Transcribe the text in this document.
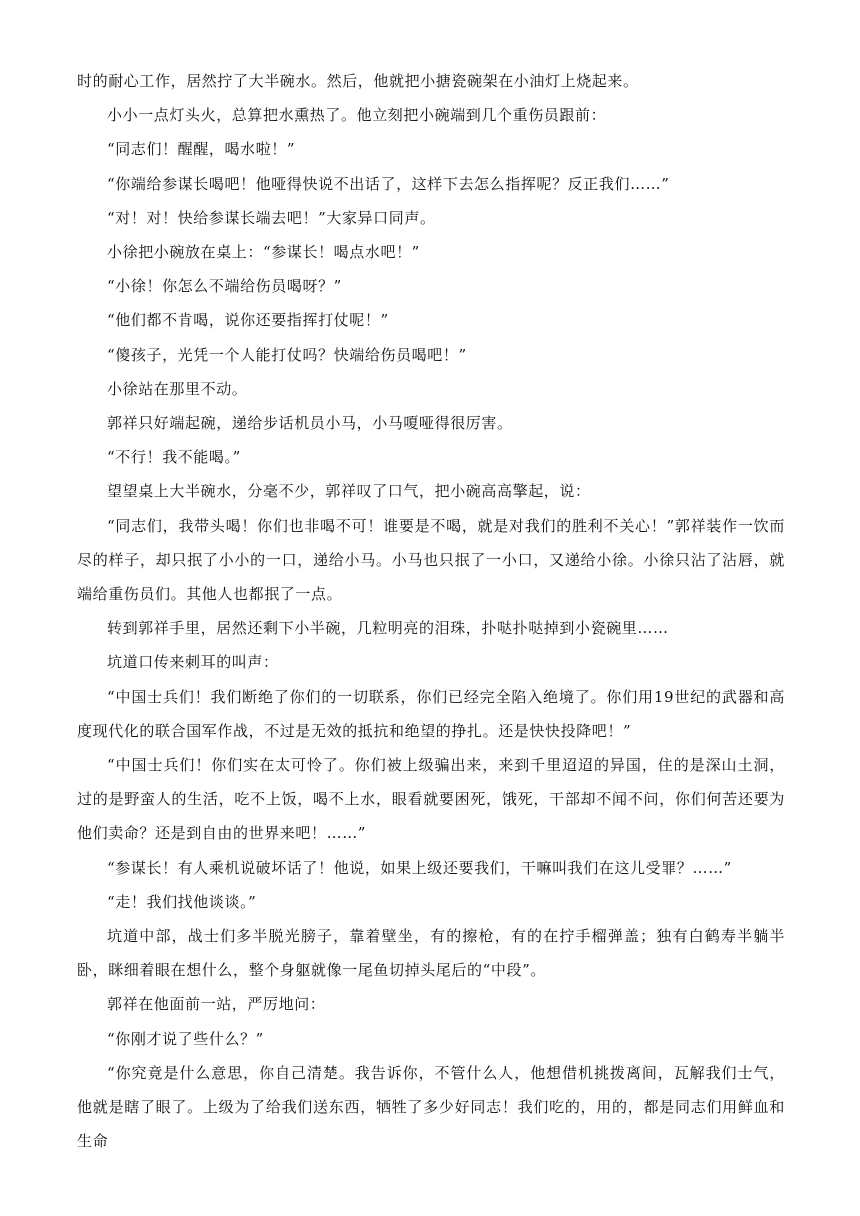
时的耐心工作，居然拧了大半碗水。然后，他就把小搪瓷碗架在小油灯上烧起来。

小小一点灯头火，总算把水熏热了。他立刻把小碗端到几个重伤员跟前：

“同志们！醒醒，喝水啦！”

“你端给参谋长喝吧！他哑得快说不出话了，这样下去怎么指挥呢？反正我们……”

“对！对！快给参谋长端去吧！”大家异口同声。

小徐把小碗放在桌上：“参谋长！喝点水吧！”

“小徐！你怎么不端给伤员喝呀？”

“他们都不肯喝，说你还要指挥打仗呢！”

“傻孩子，光凭一个人能打仗吗？快端给伤员喝吧！”

小徐站在那里不动。

郭祥只好端起碗，递给步话机员小马，小马嗄哑得很厉害。

“不行！我不能喝。”

望望桌上大半碗水，分毫不少，郭祥叹了口气，把小碗高高擎起，说：

“同志们，我带头喝！你们也非喝不可！谁要是不喝，就是对我们的胜利不关心！”郭祥装作一饮而尽的样子，却只抿了小小的一口，递给小马。小马也只抿了一小口，又递给小徐。小徐只沾了沾唇，就端给重伤员们。其他人也都抿了一点。

转到郭祥手里，居然还剩下小半碗，几粒明亮的泪珠，扑哒扑哒掉到小瓷碗里……

坑道口传来刺耳的叫声：

“中国士兵们！我们断绝了你们的一切联系，你们已经完全陷入绝境了。你们用19世纪的武器和高度现代化的联合国军作战，不过是无效的抵抗和绝望的挣扎。还是快快投降吧！”

“中国士兵们！你们实在太可怜了。你们被上级骗出来，来到千里迢迢的异国，住的是深山土洞，过的是野蛮人的生活，吃不上饭，喝不上水，眼看就要困死，饿死，干部却不闻不问，你们何苦还要为他们卖命？还是到自由的世界来吧！……”

“参谋长！有人乘机说破坏话了！他说，如果上级还要我们，干嘛叫我们在这儿受罪？……”

“走！我们找他谈谈。”

坑道中部，战士们多半脱光膀子，靠着壁坐，有的擦枪，有的在拧手榴弹盖；独有白鹤寿半躺半卧，眯细着眼在想什么，整个身躯就像一尾鱼切掉头尾后的“中段”。

郭祥在他面前一站，严厉地问：

“你刚才说了些什么？”

“你究竟是什么意思，你自己清楚。我告诉你，不管什么人，他想借机挑拨离间，瓦解我们士气，他就是瞎了眼了。上级为了给我们送东西，牺牲了多少好同志！我们吃的，用的，都是同志们用鲜血和生命
